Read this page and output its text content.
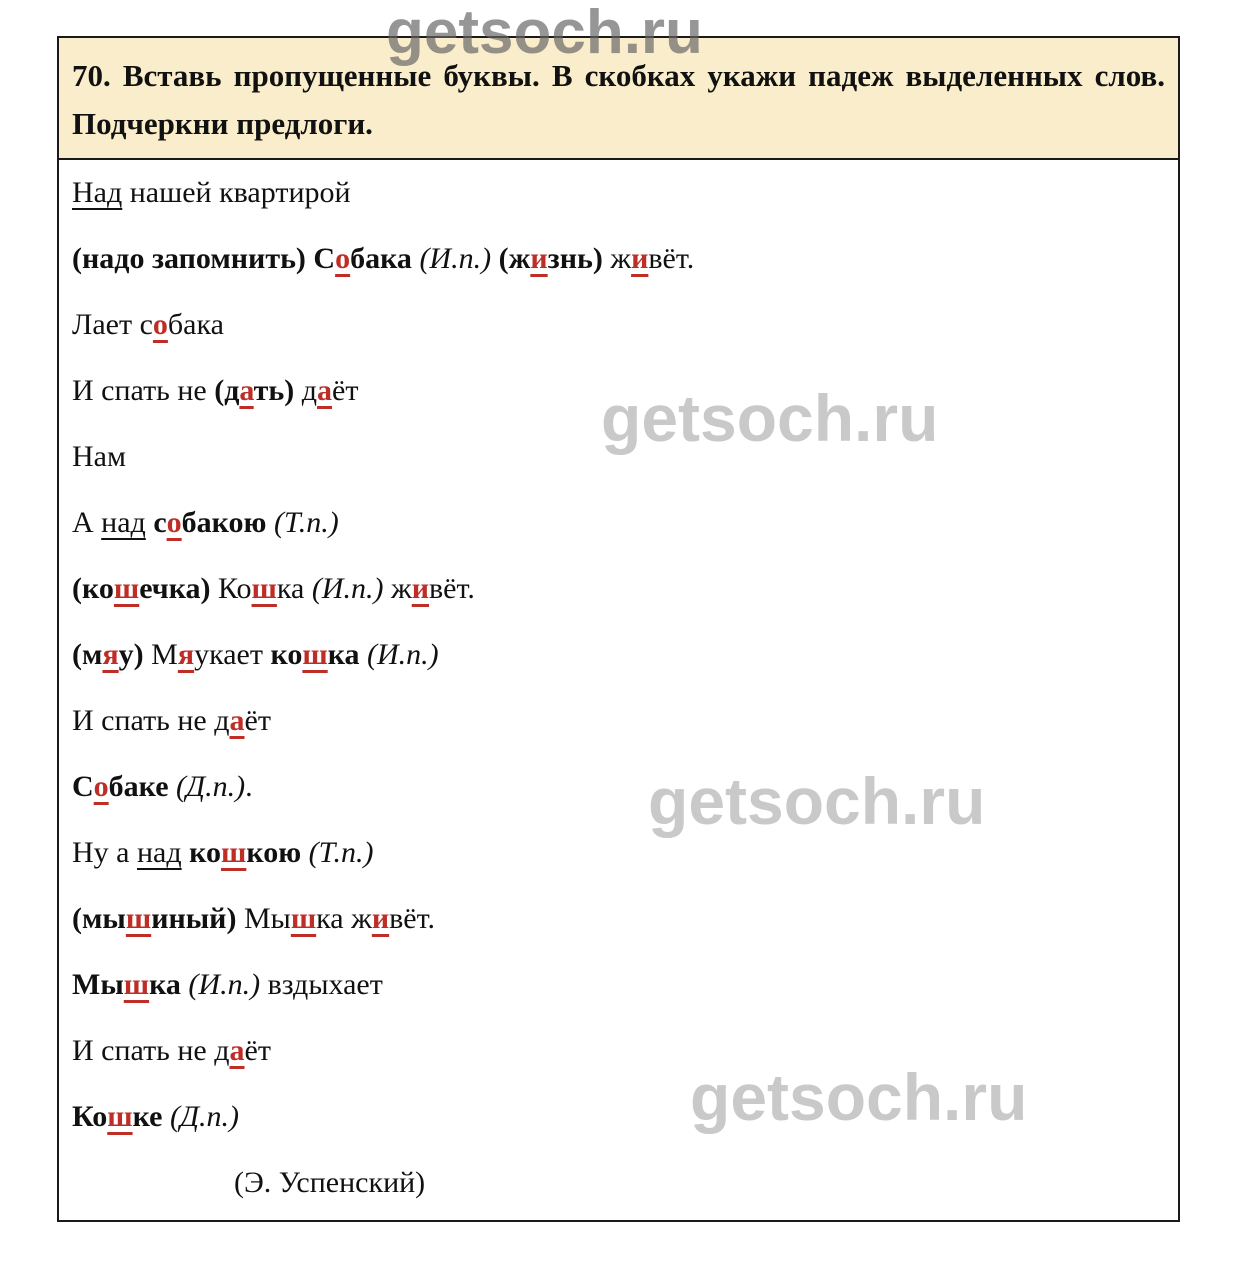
getsoch.ru
getsoch.ru
getsoch.ru
getsoch.ru
70. Вставь пропущенные буквы. В скобках укажи падеж выделенных слов.
Подчеркни предлоги.
Над нашей квартирой
(надо запомнить) Собака (И.п.) (жизнь) живёт.
Лает собака
И спать не (дать) даёт
Нам
А над собакою (Т.п.)
(кошечка) Кошка (И.п.) живёт.
(мяу) Мяукает кошка (И.п.)
И спать не даёт
Собаке (Д.п.).
Ну а над кошкою (Т.п.)
(мышиный) Мышка живёт.
Мышка (И.п.) вздыхает
И спать не даёт
Кошке (Д.п.)
(Э. Успенский)
